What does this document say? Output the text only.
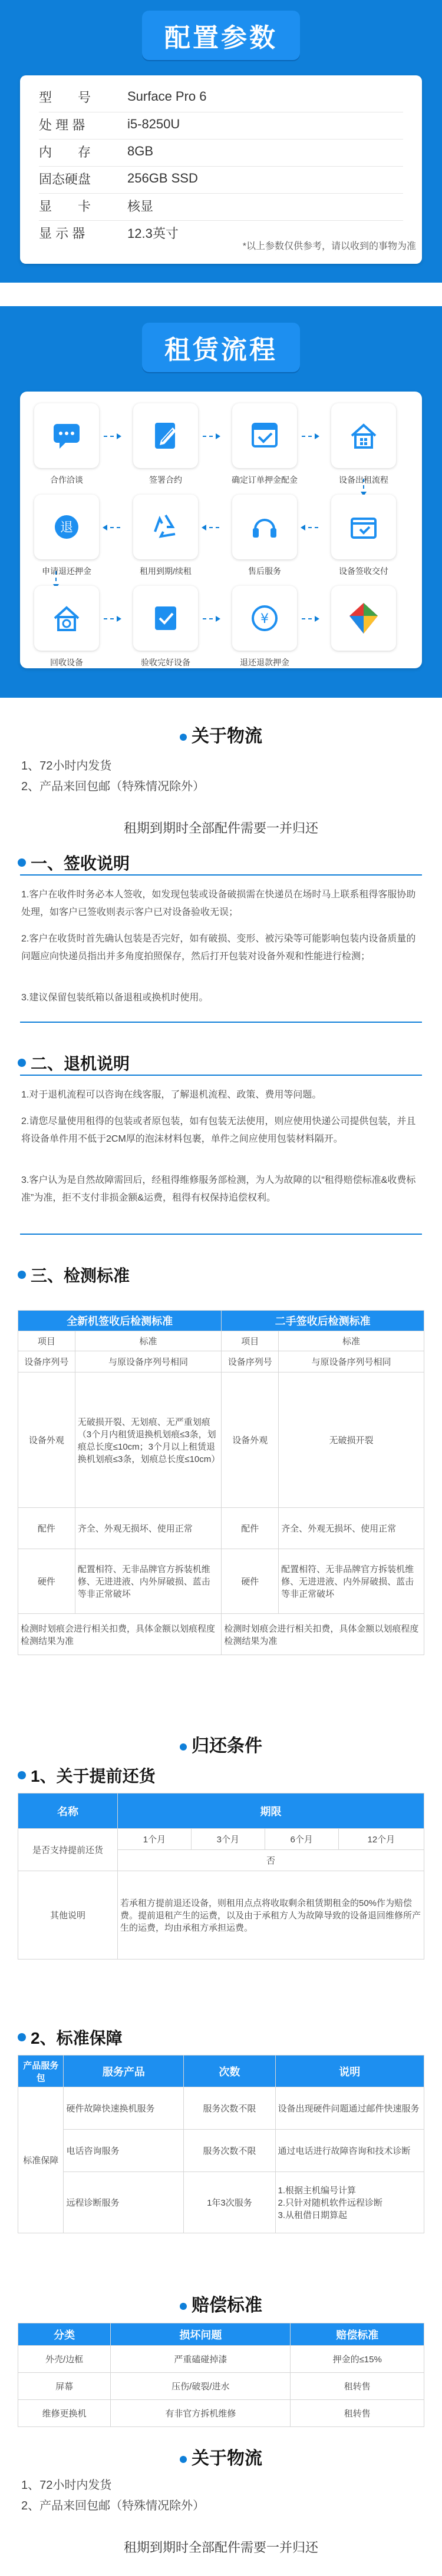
配置参数
型　　号	Surface Pro 6
处 理 器	i5-8250U
内　　存	8GB
固态硬盘	256GB SSD
显　　卡	核显
显 示 器	12.3英寸
*以上参数仅供参考，请以收到的事物为准
租赁流程
合作洽谈	签署合约	确定订单押金配金	设备出租流程
退
申请退还押金	租用到期/续租	售后服务	设备签收交付
回收设备	验收完好设备
¥
退还退款押金
关于物流
1、72小时内发货
2、产品来回包邮（特殊情况除外）
租期到期时全部配件需要一并归还
一、签收说明
1.客户在收件时务必本人签收，如发现包装或设备破损需在快递员在场时马上联系租得客服协助处理，如客户已签收则表示客户已对设备验收无误；
2.客户在收货时首先确认包装是否完好，如有破损、变形、被污染等可能影响包装内设备质量的问题应向快递员指出并多角度拍照保存，然后打开包装对设备外观和性能进行检测；
3.建议保留包装纸箱以备退租或换机时使用。
二、退机说明
1.对于退机流程可以咨询在线客服，了解退机流程、政策、费用等问题。
2.请您尽量使用租得的包装或者原包装，如有包装无法使用，则应使用快递公司提供包装，并且将设备单件用不低于2CM厚的泡沫材料包裹，单件之间应使用包装材料隔开。
3.客户认为是自然故障需回后，经租得维修服务部检测，为人为故障的以“租得赔偿标准&收费标准”为准，拒不支付非损金额&运费，租得有权保持追偿权利。
三、检测标准
全新机签收后检测标准		二手签收后检测标准	
项目	标准	项目	标准
设备序列号	与原设备序列号相同	设备序列号	与原设备序列号相同
设备外观	无破损开裂、无划痕、无严重划痕（3个月内租赁退换机划痕≤3条，划痕总长度≤10cm；3个月以上租赁退换机划痕≤3条，划痕总长度≤10cm）	设备外观	无破损开裂
配件	齐全、外观无损坏、使用正常	配件	齐全、外观无损坏、使用正常
硬件	配置相符、无非品牌官方拆装机维修、无进进液、内外屏破损、蓝击等非正常破坏	硬件	配置相符、无非品牌官方拆装机维修、无进进液、内外屏破损、蓝击等非正常破坏
检测时划痕会进行相关扣费，具体金额以划痕程度检测结果为准		检测时划痕会进行相关扣费，具体金额以划痕程度检测结果为准	
归还条件
1、关于提前还货
名称	期限			
是否支持提前还货	1个月	3个月	6个月	12个月
	否			
其他说明	若承租方提前退还设备，则租用点点将收取剩余租赁期租金的50%作为赔偿费。提前退租产生的运费，以及由于承租方人为故障导致的设备退回维修所产生的运费，均由承租方承担运费。			
2、标准保障
产品服务包	服务产品	次数	说明
标准保障	硬件故障快速换机服务	服务次数不限	设备出现硬件问题通过邮件快速服务
	电话咨询服务	服务次数不限	通过电话进行故障咨询和技术诊断
	远程诊断服务	1年3次服务	1.根据主机编号计算
2.只针对随机软件远程诊断
3.从租借日期算起
赔偿标准
分类	损坏问题	赔偿标准
外壳/边框	严重磕碰掉漆	押金的≤15%
屏幕	压伤/破裂/进水	租转售
维修更换机	有非官方拆机维修	租转售
关于物流
1、72小时内发货
2、产品来回包邮（特殊情况除外）
租期到期时全部配件需要一并归还
